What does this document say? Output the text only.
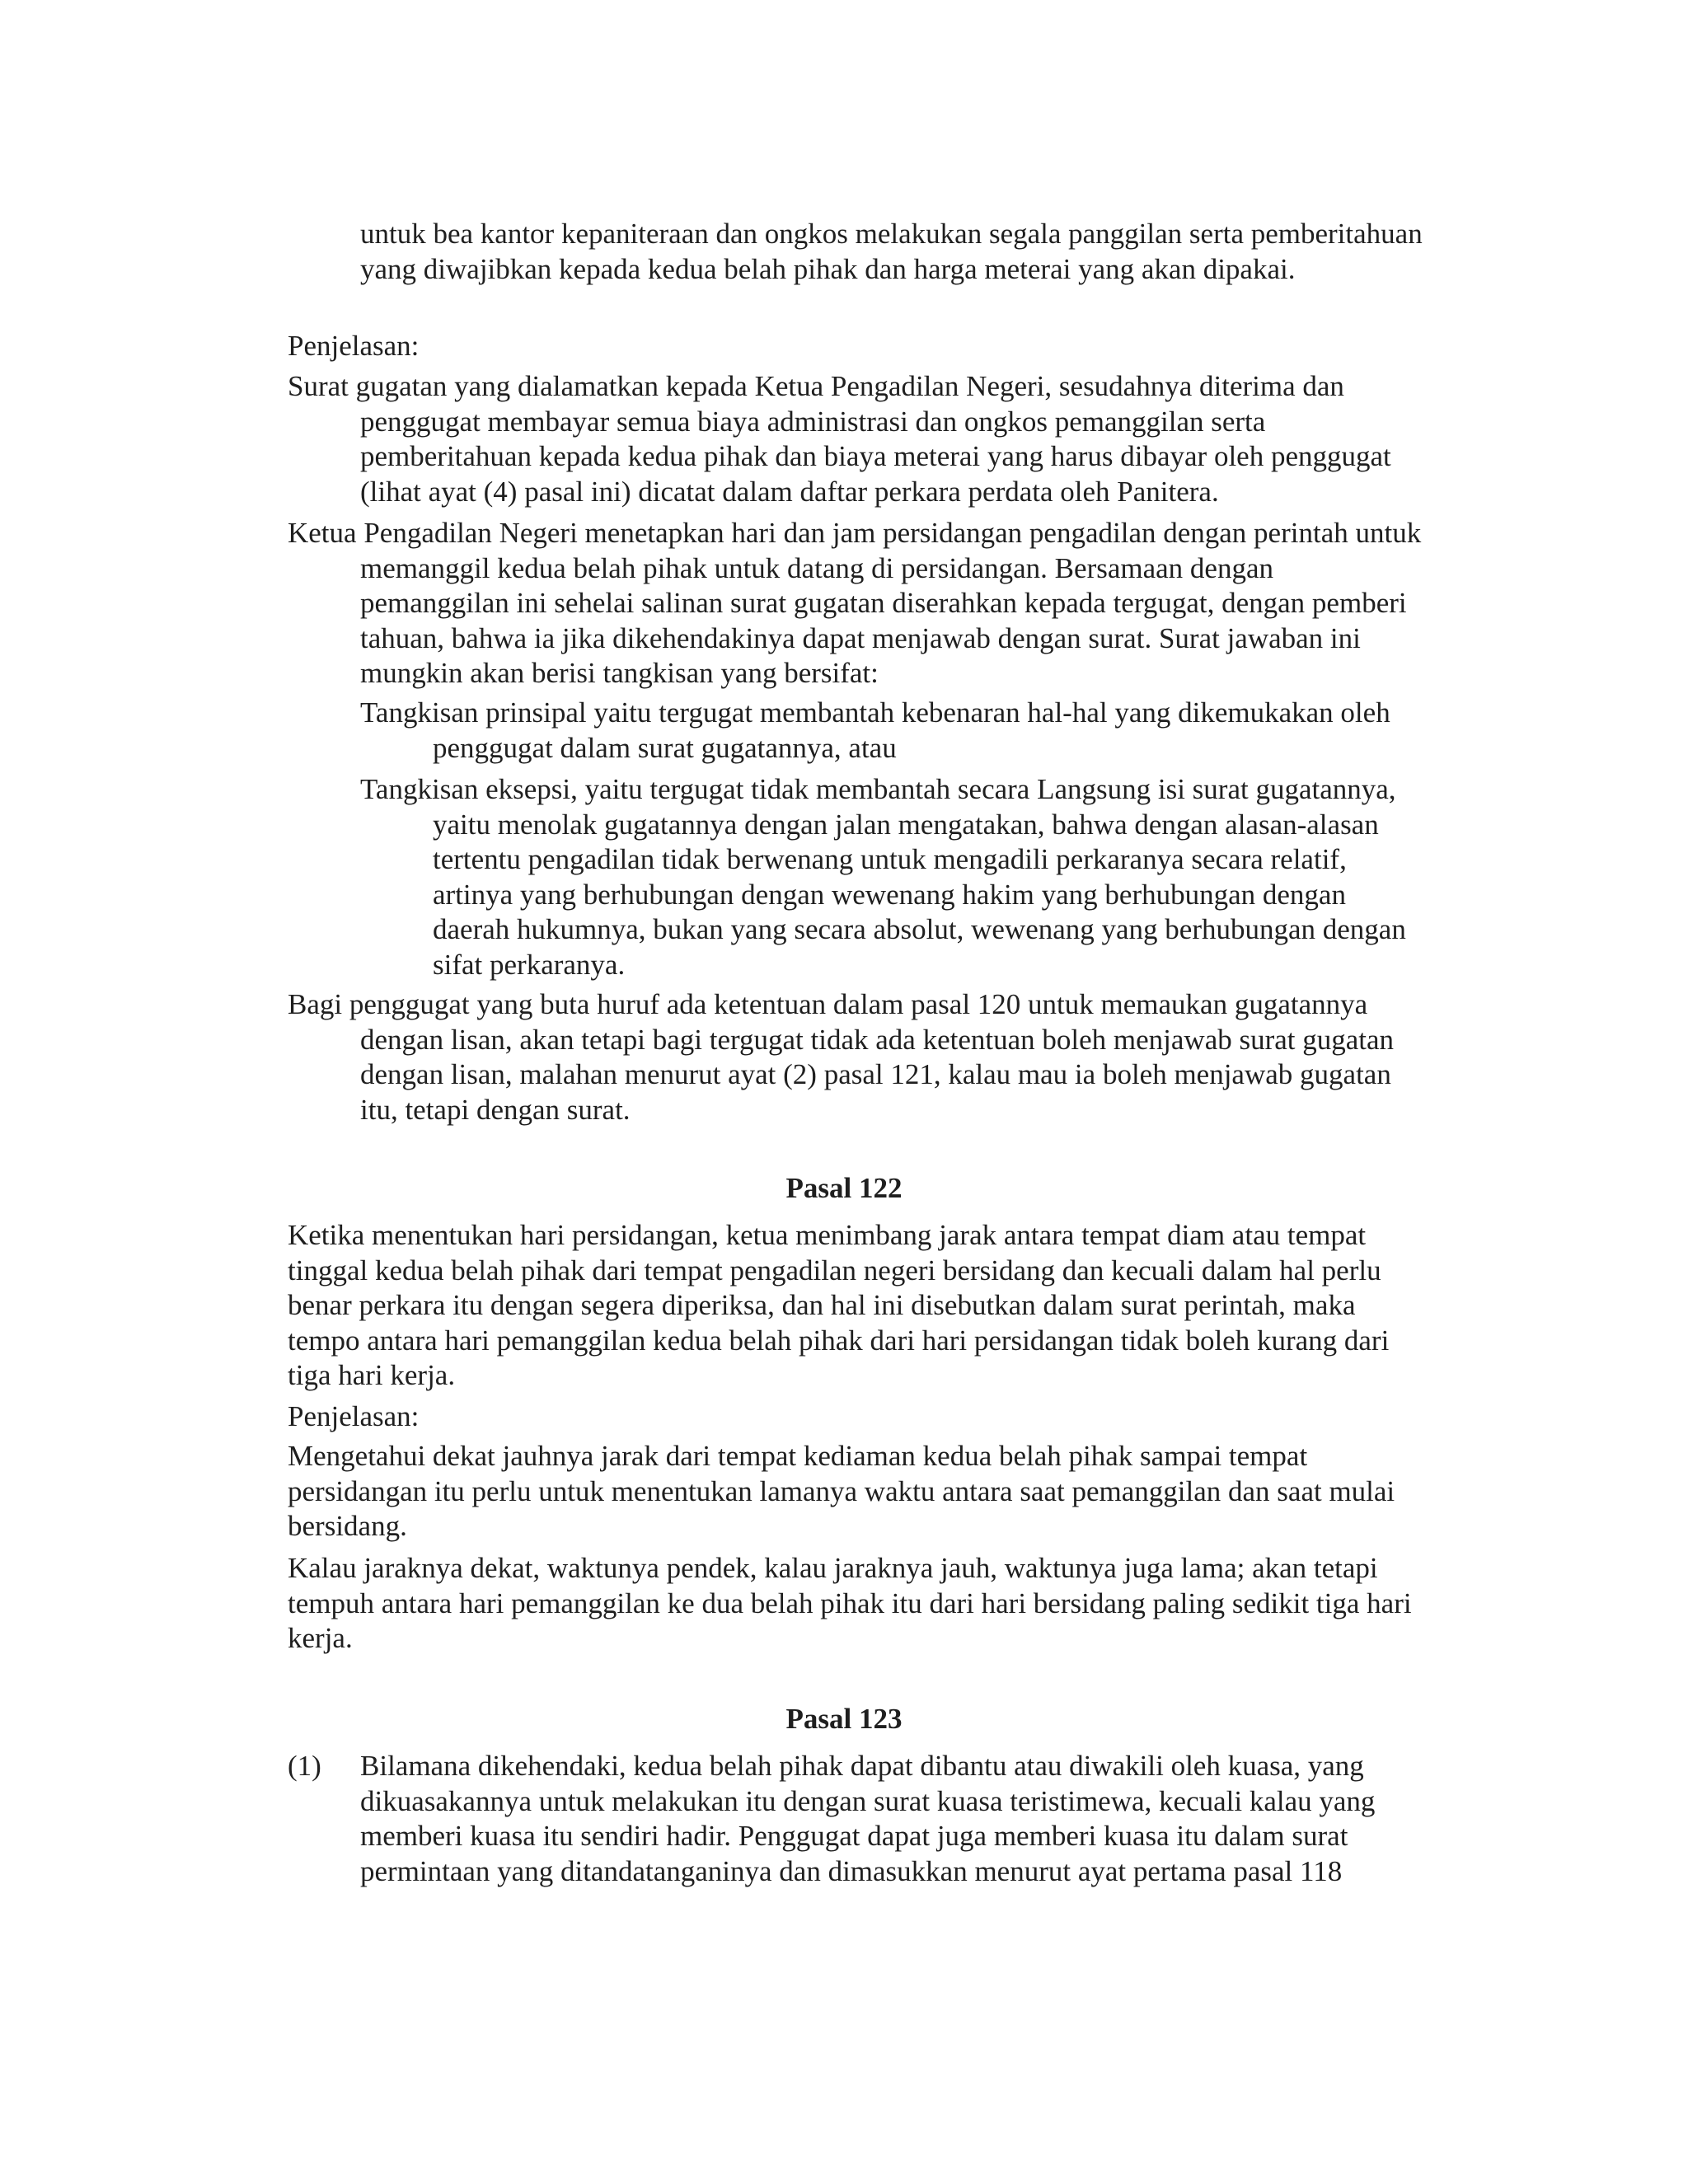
untuk bea kantor kepaniteraan dan ongkos melakukan segala panggilan serta pemberitahuan yang diwajibkan kepada kedua belah pihak dan harga meterai yang akan dipakai.

Penjelasan:

Surat gugatan yang dialamatkan kepada Ketua Pengadilan Negeri, sesudahnya diterima dan penggugat membayar semua biaya administrasi dan ongkos pemanggilan serta pemberitahuan kepada kedua pihak dan biaya meterai yang harus dibayar oleh penggugat (lihat ayat (4) pasal ini) dicatat dalam daftar perkara perdata oleh Panitera.

Ketua Pengadilan Negeri menetapkan hari dan jam persidangan pengadilan dengan perintah untuk memanggil kedua belah pihak untuk datang di persidangan. Bersamaan dengan pemanggilan ini sehelai salinan surat gugatan diserahkan kepada tergugat, dengan pemberi tahuan, bahwa ia jika dikehendakinya dapat menjawab dengan surat. Surat jawaban ini mungkin akan berisi tangkisan yang bersifat:

Tangkisan prinsipal yaitu tergugat membantah kebenaran hal-hal yang dikemukakan oleh penggugat dalam surat gugatannya, atau

Tangkisan eksepsi, yaitu tergugat tidak membantah secara Langsung isi surat gugatannya, yaitu menolak gugatannya dengan jalan mengatakan, bahwa dengan alasan-alasan tertentu pengadilan tidak berwenang untuk mengadili perkaranya secara relatif, artinya yang berhubungan dengan wewenang hakim yang berhubungan dengan daerah hukumnya, bukan yang secara absolut, wewenang yang berhubungan dengan sifat perkaranya.

Bagi penggugat yang buta huruf ada ketentuan dalam pasal 120 untuk memaukan gugatannya dengan lisan, akan tetapi bagi tergugat tidak ada ketentuan boleh menjawab surat gugatan dengan lisan, malahan menurut ayat (2) pasal 121, kalau mau ia boleh menjawab gugatan itu, tetapi dengan surat.

Pasal 122

Ketika menentukan hari persidangan, ketua menimbang jarak antara tempat diam atau tempat tinggal kedua belah pihak dari tempat pengadilan negeri bersidang dan kecuali dalam hal perlu benar perkara itu dengan segera diperiksa, dan hal ini disebutkan dalam surat perintah, maka tempo antara hari pemanggilan kedua belah pihak dari hari persidangan tidak boleh kurang dari tiga hari kerja.

Penjelasan:

Mengetahui dekat jauhnya jarak dari tempat kediaman kedua belah pihak sampai tempat persidangan itu perlu untuk menentukan lamanya waktu antara saat pemanggilan dan saat mulai bersidang.

Kalau jaraknya dekat, waktunya pendek, kalau jaraknya jauh, waktunya juga lama; akan tetapi tempuh antara hari pemanggilan ke dua belah pihak itu dari hari bersidang paling sedikit tiga hari kerja.

Pasal 123

(1) Bilamana dikehendaki, kedua belah pihak dapat dibantu atau diwakili oleh kuasa, yang dikuasakannya untuk melakukan itu dengan surat kuasa teristimewa, kecuali kalau yang memberi kuasa itu sendiri hadir. Penggugat dapat juga memberi kuasa itu dalam surat permintaan yang ditandatanganinya dan dimasukkan menurut ayat pertama pasal 118
